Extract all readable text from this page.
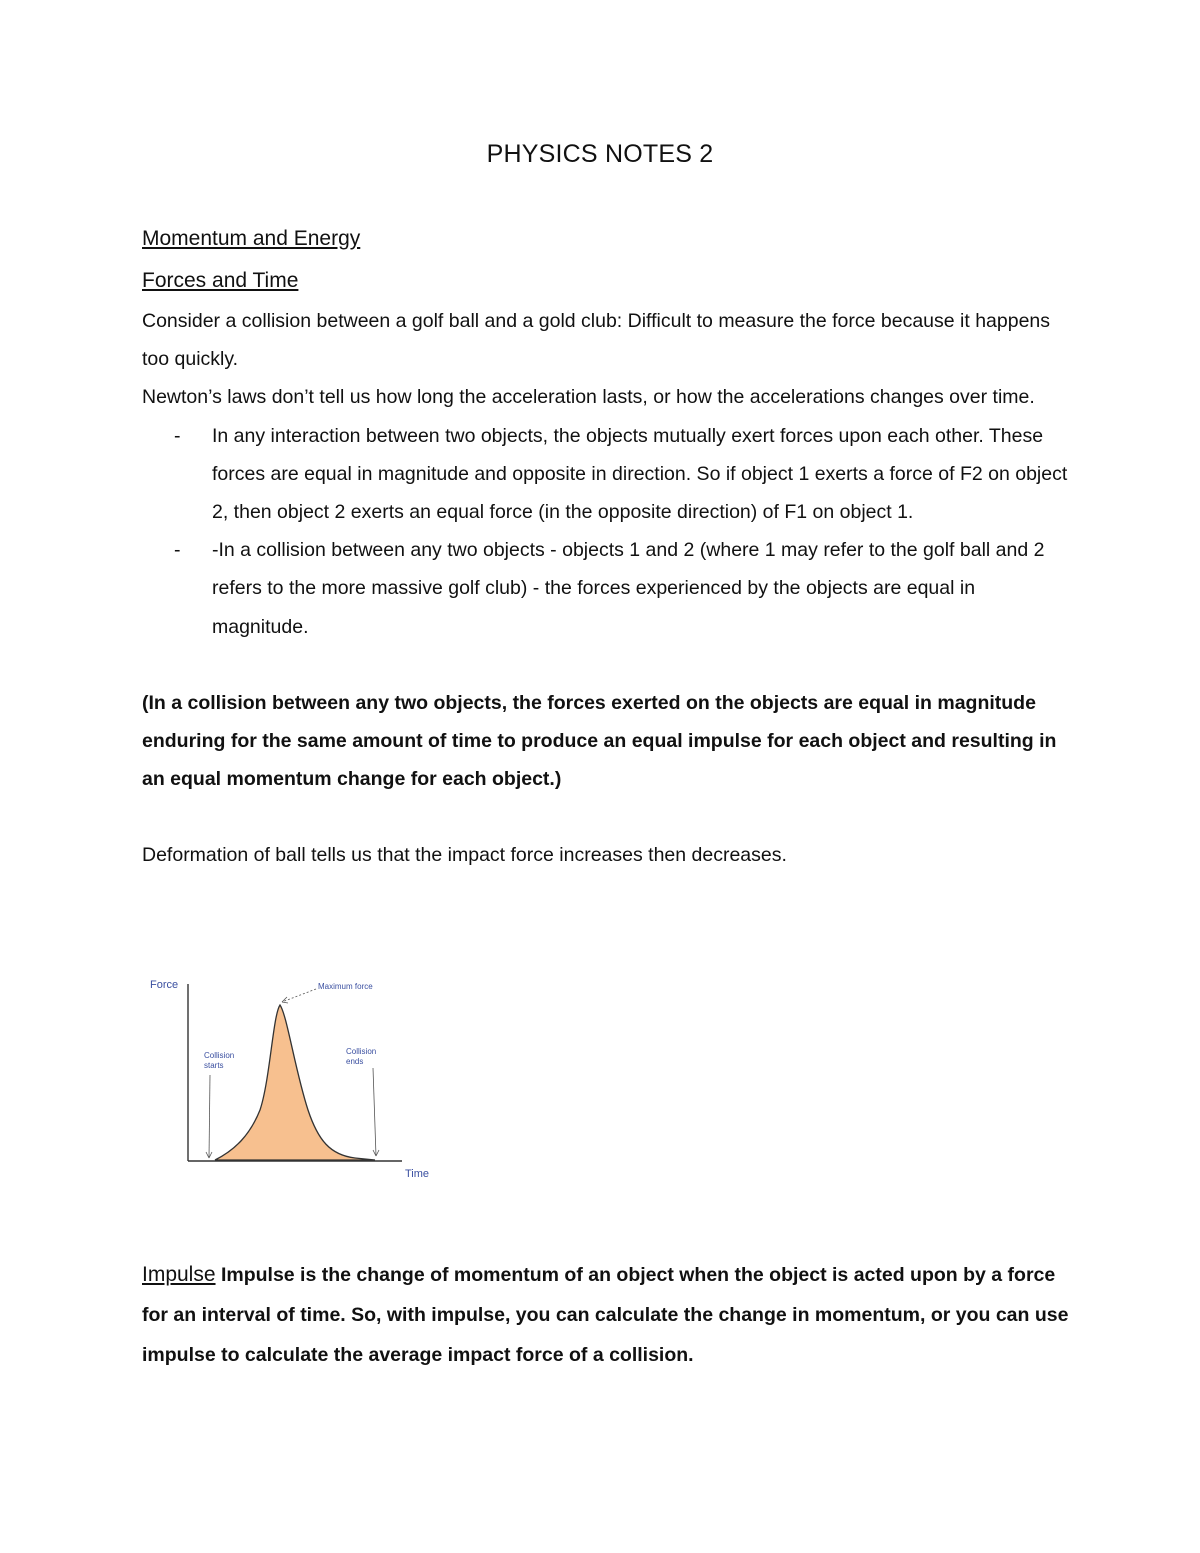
PHYSICS NOTES 2
Momentum and Energy
Forces and Time

Consider a collision between a golf ball and a gold club: Difficult to measure the force because it happens too quickly.

Newton’s laws don’t tell us how long the acceleration lasts, or how the accelerations changes over time.

- In any interaction between two objects, the objects mutually exert forces upon each other. These forces are equal in magnitude and opposite in direction. So if object 1 exerts a force of F2 on object 2, then object 2 exerts an equal force (in the opposite direction) of F1 on object 1.
- -In a collision between any two objects - objects 1 and 2 (where 1 may refer to the golf ball and 2 refers to the more massive golf club) - the forces experienced by the objects are equal in magnitude.

(In a collision between any two objects, the forces exerted on the objects are equal in magnitude enduring for the same amount of time to produce an equal impulse for each object and resulting in an equal momentum change for each object.)

Deformation of ball tells us that the impact force increases then decreases.

Force
Time
Maximum force
Collision starts
Collision ends

Impulse Impulse is the change of momentum of an object when the object is acted upon by a force for an interval of time. So, with impulse, you can calculate the change in momentum, or you can use impulse to calculate the average impact force of a collision.
